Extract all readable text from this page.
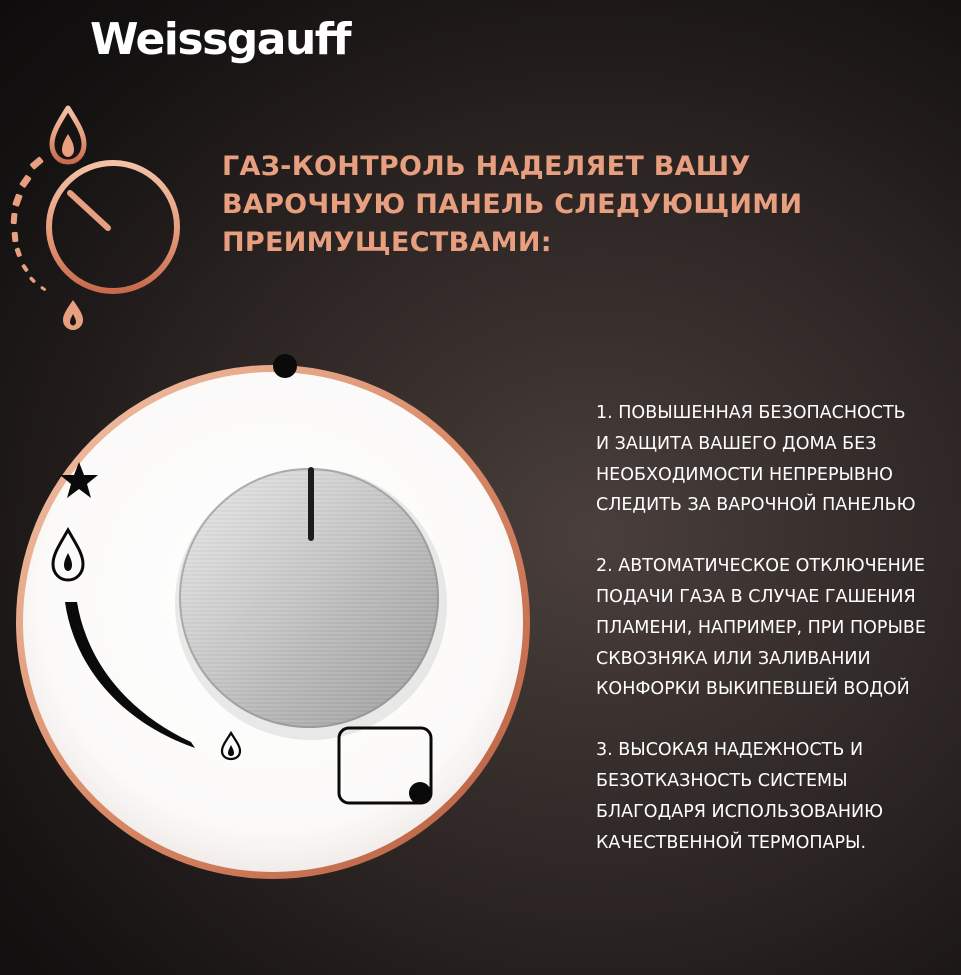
Weissgauff
ГАЗ-КОНТРОЛЬ НАДЕЛЯЕТ ВАШУ
ВАРОЧНУЮ ПАНЕЛЬ СЛЕДУЮЩИМИ
ПРЕИМУЩЕСТВАМИ:
1. ПОВЫШЕННАЯ БЕЗОПАСНОСТЬ
И ЗАЩИТА ВАШЕГО ДОМА БЕЗ
НЕОБХОДИМОСТИ НЕПРЕРЫВНО
СЛЕДИТЬ ЗА ВАРОЧНОЙ ПАНЕЛЬЮ
2. АВТОМАТИЧЕСКОЕ ОТКЛЮЧЕНИЕ
ПОДАЧИ ГАЗА В СЛУЧАЕ ГАШЕНИЯ
ПЛАМЕНИ, НАПРИМЕР, ПРИ ПОРЫВЕ
СКВОЗНЯКА ИЛИ ЗАЛИВАНИИ
КОНФОРКИ ВЫКИПЕВШЕЙ ВОДОЙ
3. ВЫСОКАЯ НАДЕЖНОСТЬ И
БЕЗОТКАЗНОСТЬ СИСТЕМЫ
БЛАГОДАРЯ ИСПОЛЬЗОВАНИЮ
КАЧЕСТВЕННОЙ ТЕРМОПАРЫ.
